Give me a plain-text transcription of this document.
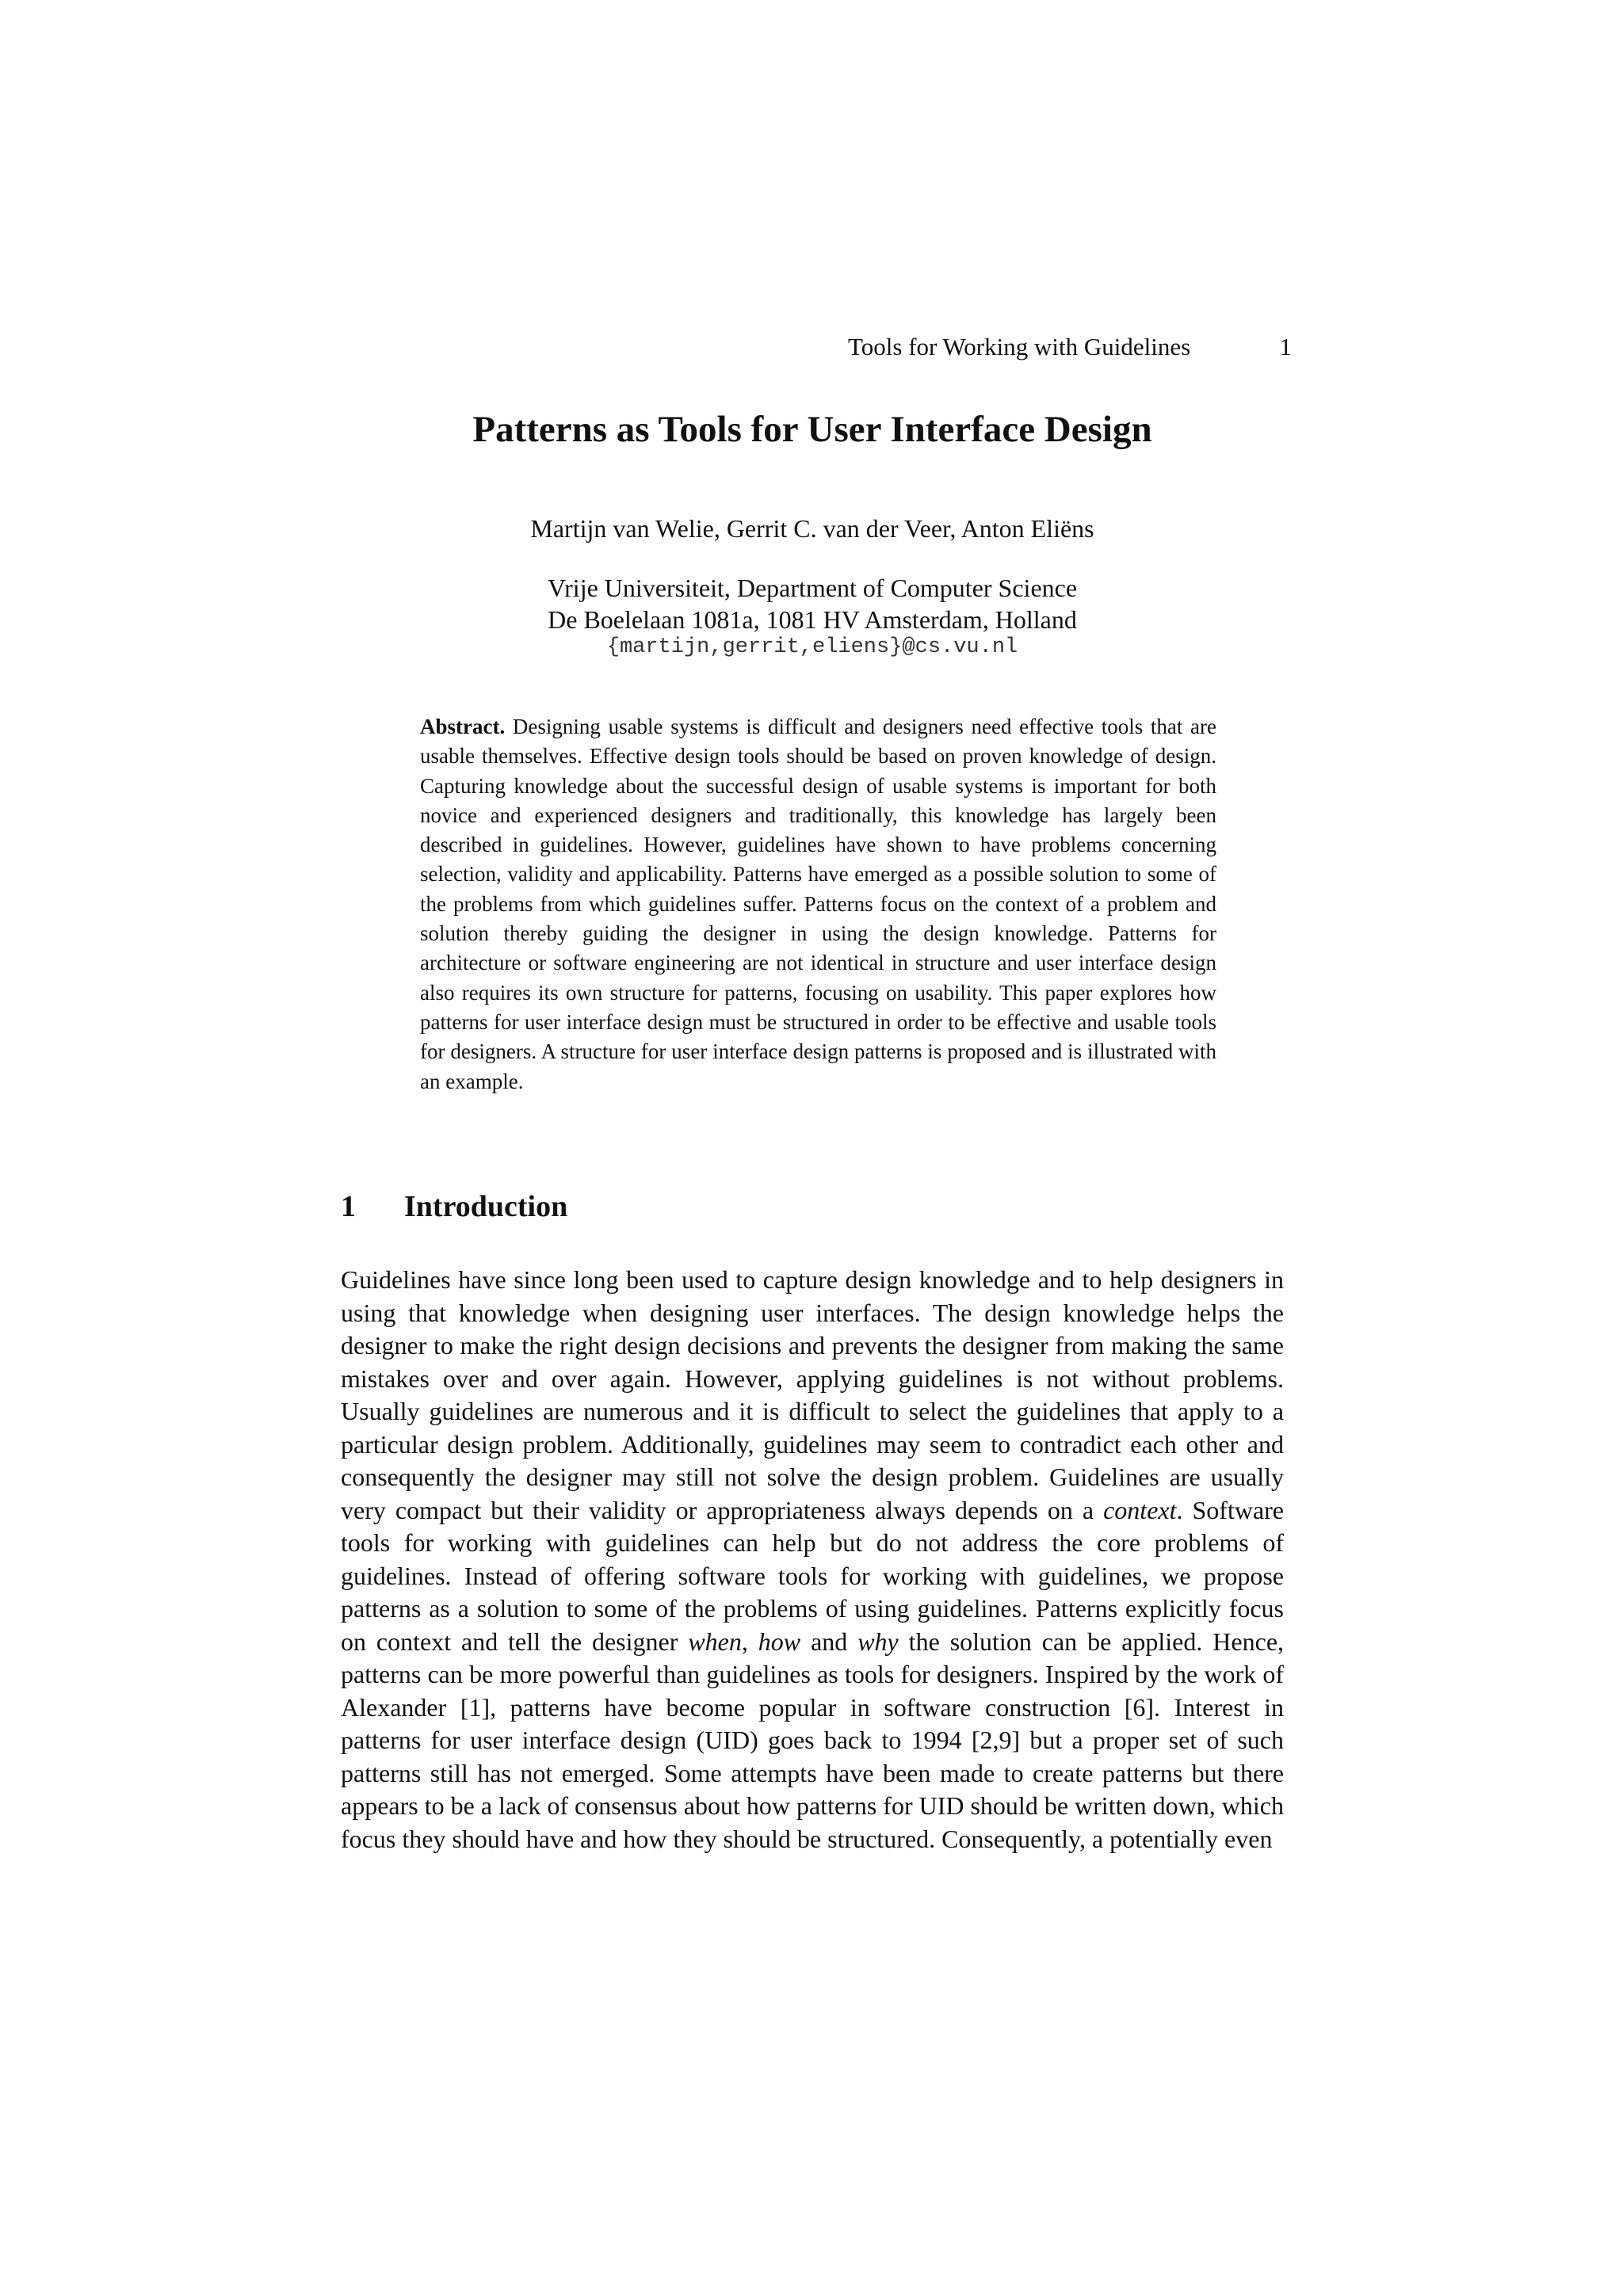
Tools for Working with Guidelines	1
Patterns as Tools for User Interface Design
Martijn van Welie, Gerrit C. van der Veer, Anton Eliëns
Vrije Universiteit, Department of Computer Science
De Boelelaan 1081a, 1081 HV Amsterdam, Holland
{martijn,gerrit,eliens}@cs.vu.nl
Abstract. Designing usable systems is difficult and designers need effective tools that are usable themselves. Effective design tools should be based on proven knowledge of design. Capturing knowledge about the successful design of usable systems is important for both novice and experienced designers and traditionally, this knowledge has largely been described in guidelines. However, guidelines have shown to have problems concerning selection, validity and applicability. Patterns have emerged as a possible solution to some of the problems from which guidelines suffer. Patterns focus on the context of a problem and solution thereby guiding the designer in using the design knowledge. Patterns for architecture or software engineering are not identical in structure and user interface design also requires its own structure for patterns, focusing on usability. This paper explores how patterns for user interface design must be structured in order to be effective and usable tools for designers. A structure for user interface design patterns is proposed and is illustrated with an example.
1 Introduction
Guidelines have since long been used to capture design knowledge and to help designers in using that knowledge when designing user interfaces. The design knowledge helps the designer to make the right design decisions and prevents the designer from making the same mistakes over and over again. However, applying guidelines is not without problems. Usually guidelines are numerous and it is difficult to select the guidelines that apply to a particular design problem. Additionally, guidelines may seem to contradict each other and consequently the designer may still not solve the design problem. Guidelines are usually very compact but their validity or appropriateness always depends on a context. Software tools for working with guidelines can help but do not address the core problems of guidelines. Instead of offering software tools for working with guidelines, we propose patterns as a solution to some of the problems of using guidelines. Patterns explicitly focus on context and tell the designer when, how and why the solution can be applied. Hence, patterns can be more powerful than guidelines as tools for designers. Inspired by the work of Alexander [1], patterns have become popular in software construction [6]. Interest in patterns for user interface design (UID) goes back to 1994 [2,9] but a proper set of such patterns still has not emerged. Some attempts have been made to create patterns but there appears to be a lack of consensus about how patterns for UID should be written down, which focus they should have and how they should be structured. Consequently, a potentially even
